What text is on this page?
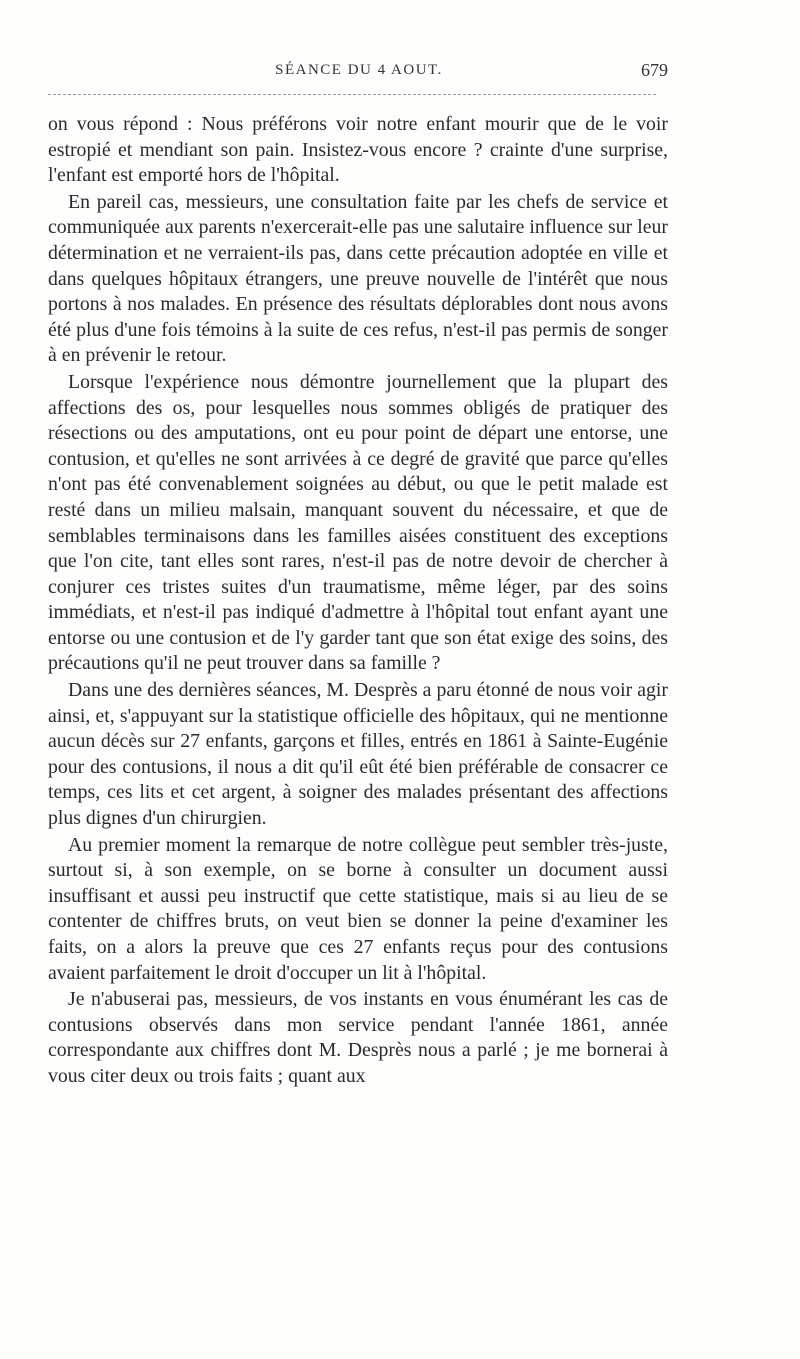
SÉANCE DU 4 AOUT.	679

on vous répond : Nous préférons voir notre enfant mourir que de le voir estropié et mendiant son pain. Insistez-vous encore ? crainte d'une surprise, l'enfant est emporté hors de l'hôpital.

En pareil cas, messieurs, une consultation faite par les chefs de service et communiquée aux parents n'exercerait-elle pas une salutaire influence sur leur détermination et ne verraient-ils pas, dans cette précaution adoptée en ville et dans quelques hôpitaux étrangers, une preuve nouvelle de l'intérêt que nous portons à nos malades. En présence des résultats déplorables dont nous avons été plus d'une fois témoins à la suite de ces refus, n'est-il pas permis de songer à en prévenir le retour.

Lorsque l'expérience nous démontre journellement que la plupart des affections des os, pour lesquelles nous sommes obligés de pratiquer des résections ou des amputations, ont eu pour point de départ une entorse, une contusion, et qu'elles ne sont arrivées à ce degré de gravité que parce qu'elles n'ont pas été convenablement soignées au début, ou que le petit malade est resté dans un milieu malsain, manquant souvent du nécessaire, et que de semblables terminaisons dans les familles aisées constituent des exceptions que l'on cite, tant elles sont rares, n'est-il pas de notre devoir de chercher à conjurer ces tristes suites d'un traumatisme, même léger, par des soins immédiats, et n'est-il pas indiqué d'admettre à l'hôpital tout enfant ayant une entorse ou une contusion et de l'y garder tant que son état exige des soins, des précautions qu'il ne peut trouver dans sa famille ?

Dans une des dernières séances, M. Desprès a paru étonné de nous voir agir ainsi, et, s'appuyant sur la statistique officielle des hôpitaux, qui ne mentionne aucun décès sur 27 enfants, garçons et filles, entrés en 1861 à Sainte-Eugénie pour des contusions, il nous a dit qu'il eût été bien préférable de consacrer ce temps, ces lits et cet argent, à soigner des malades présentant des affections plus dignes d'un chirurgien.

Au premier moment la remarque de notre collègue peut sembler très-juste, surtout si, à son exemple, on se borne à consulter un document aussi insuffisant et aussi peu instructif que cette statistique, mais si au lieu de se contenter de chiffres bruts, on veut bien se donner la peine d'examiner les faits, on a alors la preuve que ces 27 enfants reçus pour des contusions avaient parfaitement le droit d'occuper un lit à l'hôpital.

Je n'abuserai pas, messieurs, de vos instants en vous énumérant les cas de contusions observés dans mon service pendant l'année 1861, année correspondante aux chiffres dont M. Desprès nous a parlé ; je me bornerai à vous citer deux ou trois faits ; quant aux
